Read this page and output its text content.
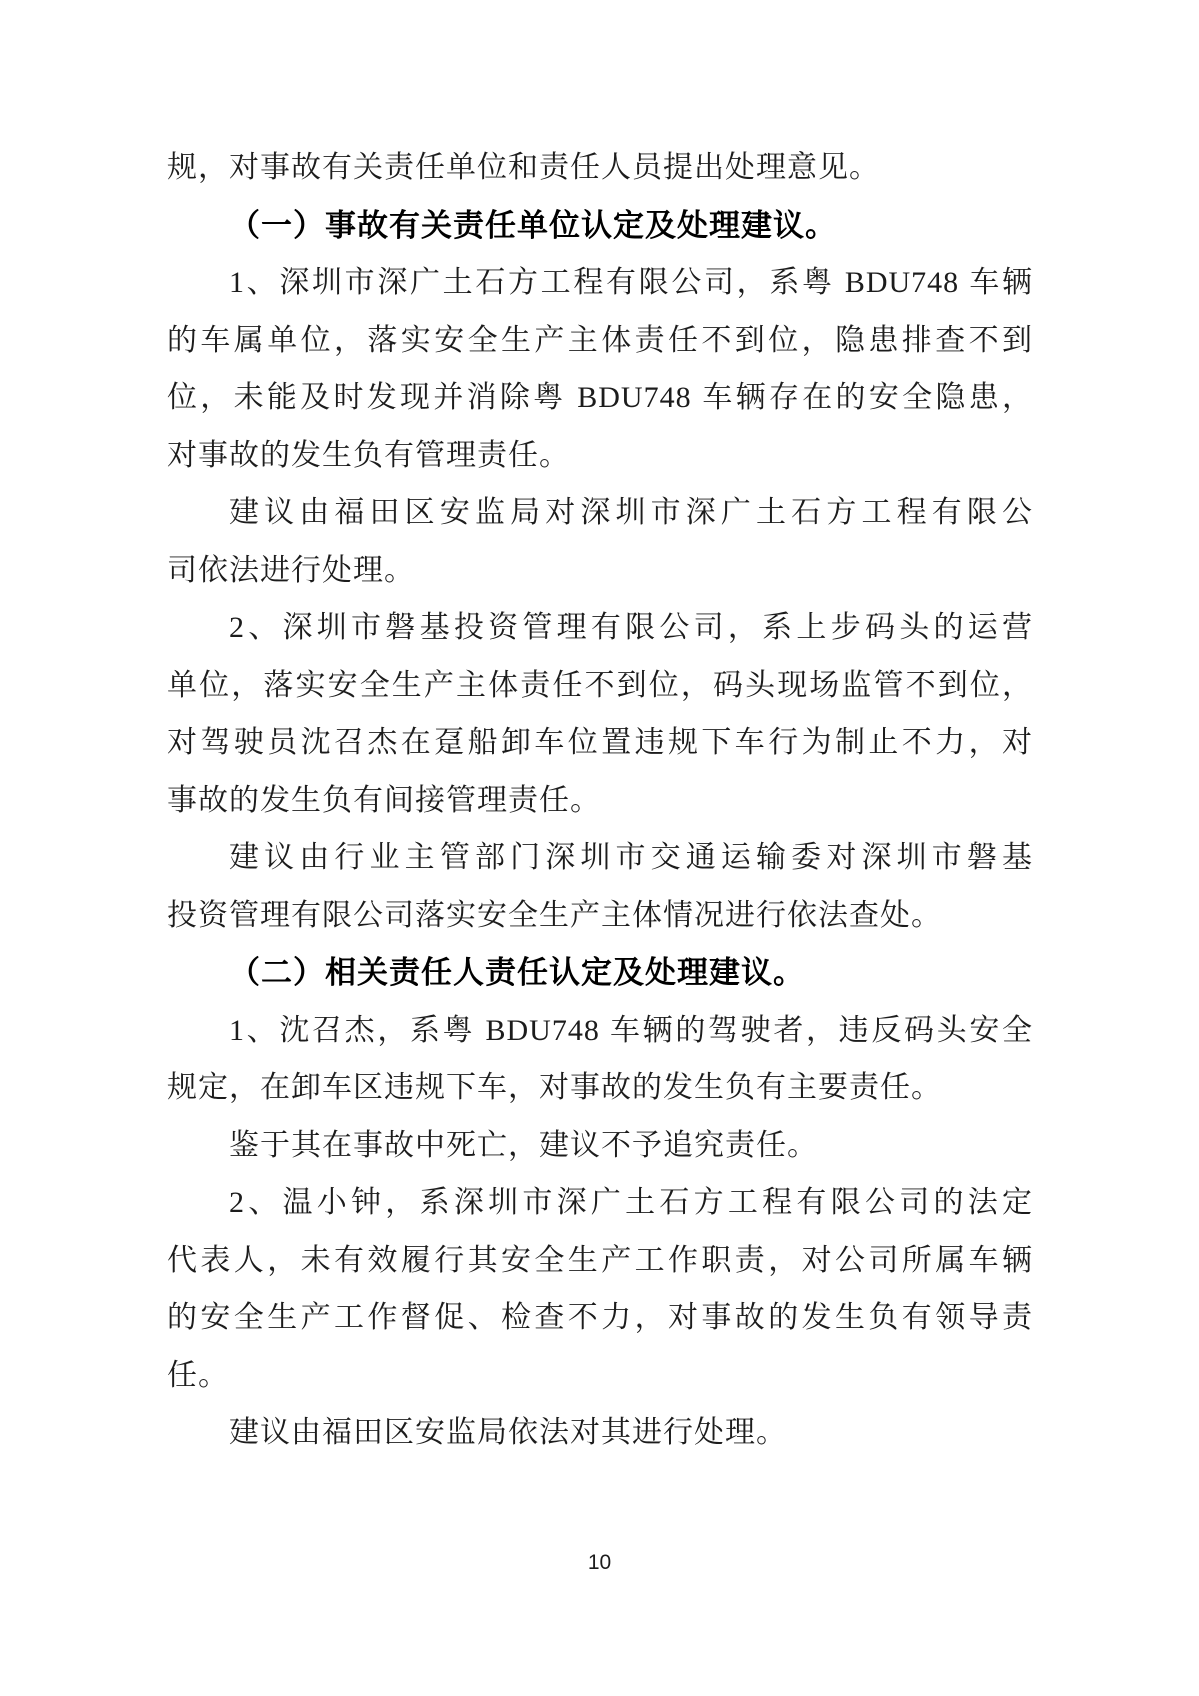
规，对事故有关责任单位和责任人员提出处理意见。
（一）事故有关责任单位认定及处理建议。
1、深圳市深广土石方工程有限公司，系粤 BDU748 车辆
的车属单位，落实安全生产主体责任不到位，隐患排查不到
位，未能及时发现并消除粤 BDU748 车辆存在的安全隐患，
对事故的发生负有管理责任。
建议由福田区安监局对深圳市深广土石方工程有限公
司依法进行处理。
2、深圳市磐基投资管理有限公司，系上步码头的运营
单位，落实安全生产主体责任不到位，码头现场监管不到位，
对驾驶员沈召杰在趸船卸车位置违规下车行为制止不力，对
事故的发生负有间接管理责任。
建议由行业主管部门深圳市交通运输委对深圳市磐基
投资管理有限公司落实安全生产主体情况进行依法查处。
（二）相关责任人责任认定及处理建议。
1、沈召杰，系粤 BDU748 车辆的驾驶者，违反码头安全
规定，在卸车区违规下车，对事故的发生负有主要责任。
鉴于其在事故中死亡，建议不予追究责任。
2、温小钟，系深圳市深广土石方工程有限公司的法定
代表人，未有效履行其安全生产工作职责，对公司所属车辆
的安全生产工作督促、检查不力，对事故的发生负有领导责
任。
建议由福田区安监局依法对其进行处理。
10
